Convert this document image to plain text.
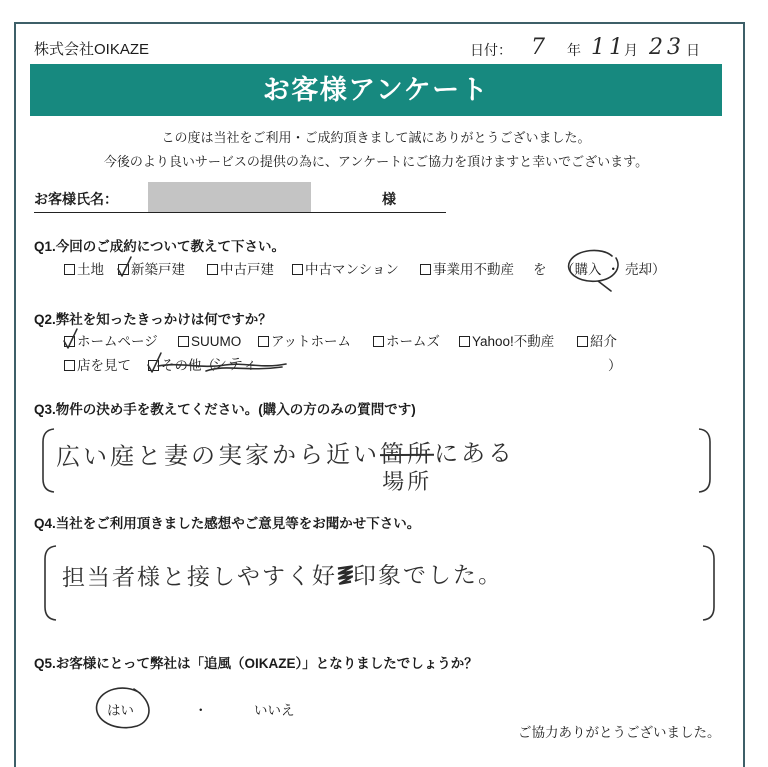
株式会社OIKAZE	日付： 7 年 11
月 23 日
お客様アンケート
この度は当社をご利用・ご成約頂きまして誠にありがとうございました。
今後のより良いサービスの提供の為に、アンケートにご協力を頂けますと幸いでございます。
お客様氏名：	様
Q1.今回のご成約について教えて下さい。
土地	新築戸建	中古戸建	中古マンション	事業用不動産 を （購入 ・ 売却）
Q2.弊社を知ったきっかけは何ですか？
ホームページ	SUUMO	アットホーム	ホームズ	Yahoo!不動産	紹介
店を見て	その他（
シティ	）
Q3.物件の決め手を教えてください。(購入の方のみの質問です)
広い庭と妻の実家から近い箇所
場所
にある
Q4.当社をご利用頂きました感想やご意見等をお聞かせ下さい。
担当者様と接しやすく好 印象でした。
Q5.お客様にとって弊社は「追風（OIKAZE）」となりましたでしょうか？
はい	・	いいえ
ご協力ありがとうございました。
